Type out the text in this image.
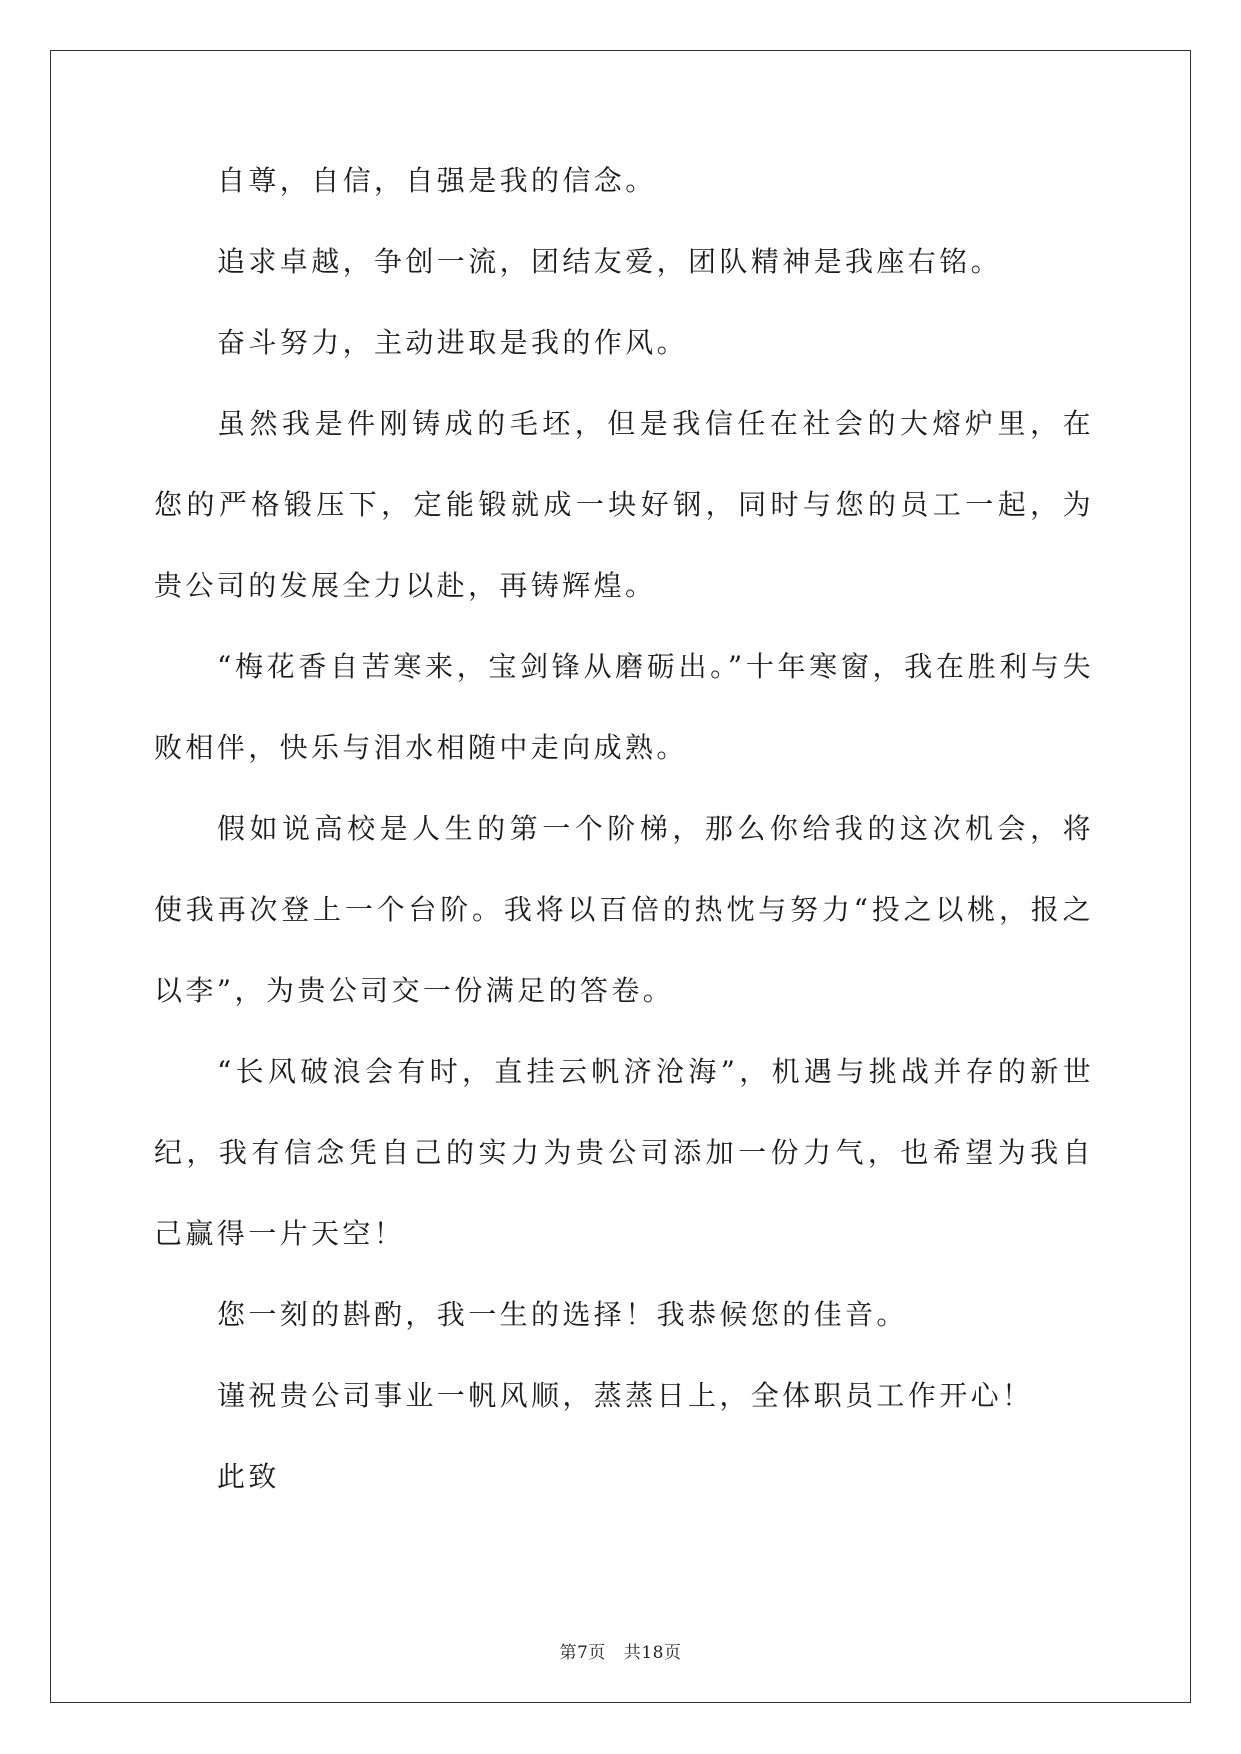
自尊，自信，自强是我的信念。

追求卓越，争创一流，团结友爱，团队精神是我座右铭。

奋斗努力，主动进取是我的作风。

虽然我是件刚铸成的毛坯，但是我信任在社会的大熔炉里，在您的严格锻压下，定能锻就成一块好钢，同时与您的员工一起，为贵公司的发展全力以赴，再铸辉煌。

“梅花香自苦寒来，宝剑锋从磨砺出。”十年寒窗，我在胜利与失败相伴，快乐与泪水相随中走向成熟。

假如说高校是人生的第一个阶梯，那么你给我的这次机会，将使我再次登上一个台阶。我将以百倍的热忱与努力“投之以桃，报之以李”，为贵公司交一份满足的答卷。

“长风破浪会有时，直挂云帆济沧海”，机遇与挑战并存的新世纪，我有信念凭自己的实力为贵公司添加一份力气，也希望为我自己赢得一片天空！

您一刻的斟酌，我一生的选择！我恭候您的佳音。

谨祝贵公司事业一帆风顺，蒸蒸日上，全体职员工作开心！

此致

第7页 共18页
